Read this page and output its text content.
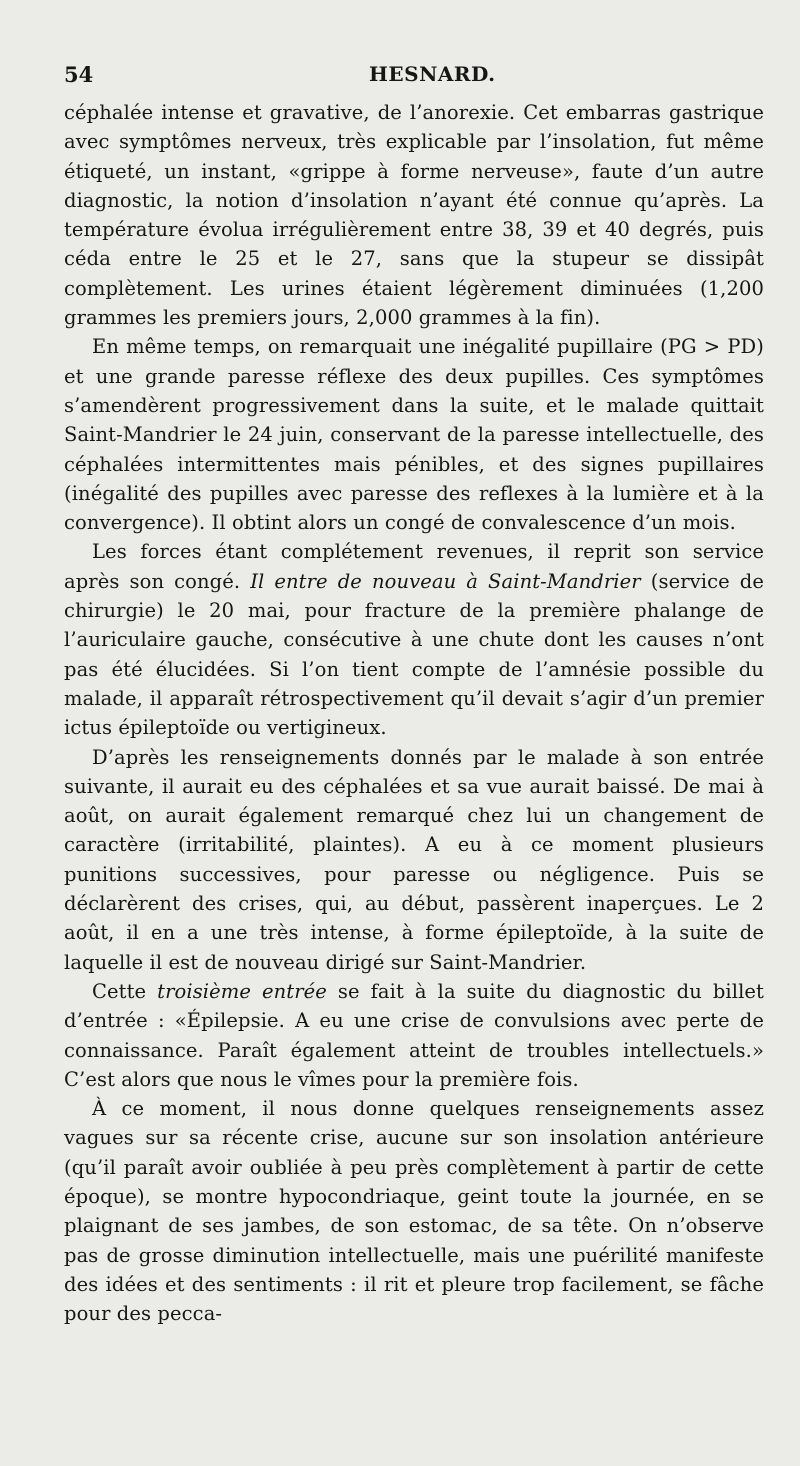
54	HESNARD.

céphalée intense et gravative, de l’anorexie. Cet embarras gastrique avec symptômes nerveux, très explicable par l’insolation, fut même étiqueté, un instant, «grippe à forme nerveuse», faute d’un autre diagnostic, la notion d’insolation n’ayant été connue qu’après. La température évolua irrégulièrement entre 38, 39 et 40 degrés, puis céda entre le 25 et le 27, sans que la stupeur se dissipât complètement. Les urines étaient légèrement diminuées (1,200 grammes les premiers jours, 2,000 grammes à la fin).

En même temps, on remarquait une inégalité pupillaire (PG > PD) et une grande paresse réflexe des deux pupilles. Ces symptômes s’amendèrent progressivement dans la suite, et le malade quittait Saint-Mandrier le 24 juin, conservant de la paresse intellectuelle, des céphalées intermittentes mais pénibles, et des signes pupillaires (inégalité des pupilles avec paresse des reflexes à la lumière et à la convergence). Il obtint alors un congé de convalescence d’un mois.

Les forces étant complétement revenues, il reprit son service après son congé. Il entre de nouveau à Saint-Mandrier (service de chirurgie) le 20 mai, pour fracture de la première phalange de l’auriculaire gauche, consécutive à une chute dont les causes n’ont pas été élucidées. Si l’on tient compte de l’amnésie possible du malade, il apparaît rétrospectivement qu’il devait s’agir d’un premier ictus épileptoïde ou vertigineux.

D’après les renseignements donnés par le malade à son entrée suivante, il aurait eu des céphalées et sa vue aurait baissé. De mai à août, on aurait également remarqué chez lui un changement de caractère (irritabilité, plaintes). A eu à ce moment plusieurs punitions successives, pour paresse ou négligence. Puis se déclarèrent des crises, qui, au début, passèrent inaperçues. Le 2 août, il en a une très intense, à forme épileptoïde, à la suite de laquelle il est de nouveau dirigé sur Saint-Mandrier.

Cette troisième entrée se fait à la suite du diagnostic du billet d’entrée : «Épilepsie. A eu une crise de convulsions avec perte de connaissance. Paraît également atteint de troubles intellectuels.» C’est alors que nous le vîmes pour la première fois.

À ce moment, il nous donne quelques renseignements assez vagues sur sa récente crise, aucune sur son insolation antérieure (qu’il paraît avoir oubliée à peu près complètement à partir de cette époque), se montre hypocondriaque, geint toute la journée, en se plaignant de ses jambes, de son estomac, de sa tête. On n’observe pas de grosse diminution intellectuelle, mais une puérilité manifeste des idées et des sentiments : il rit et pleure trop facilement, se fâche pour des pecca-
